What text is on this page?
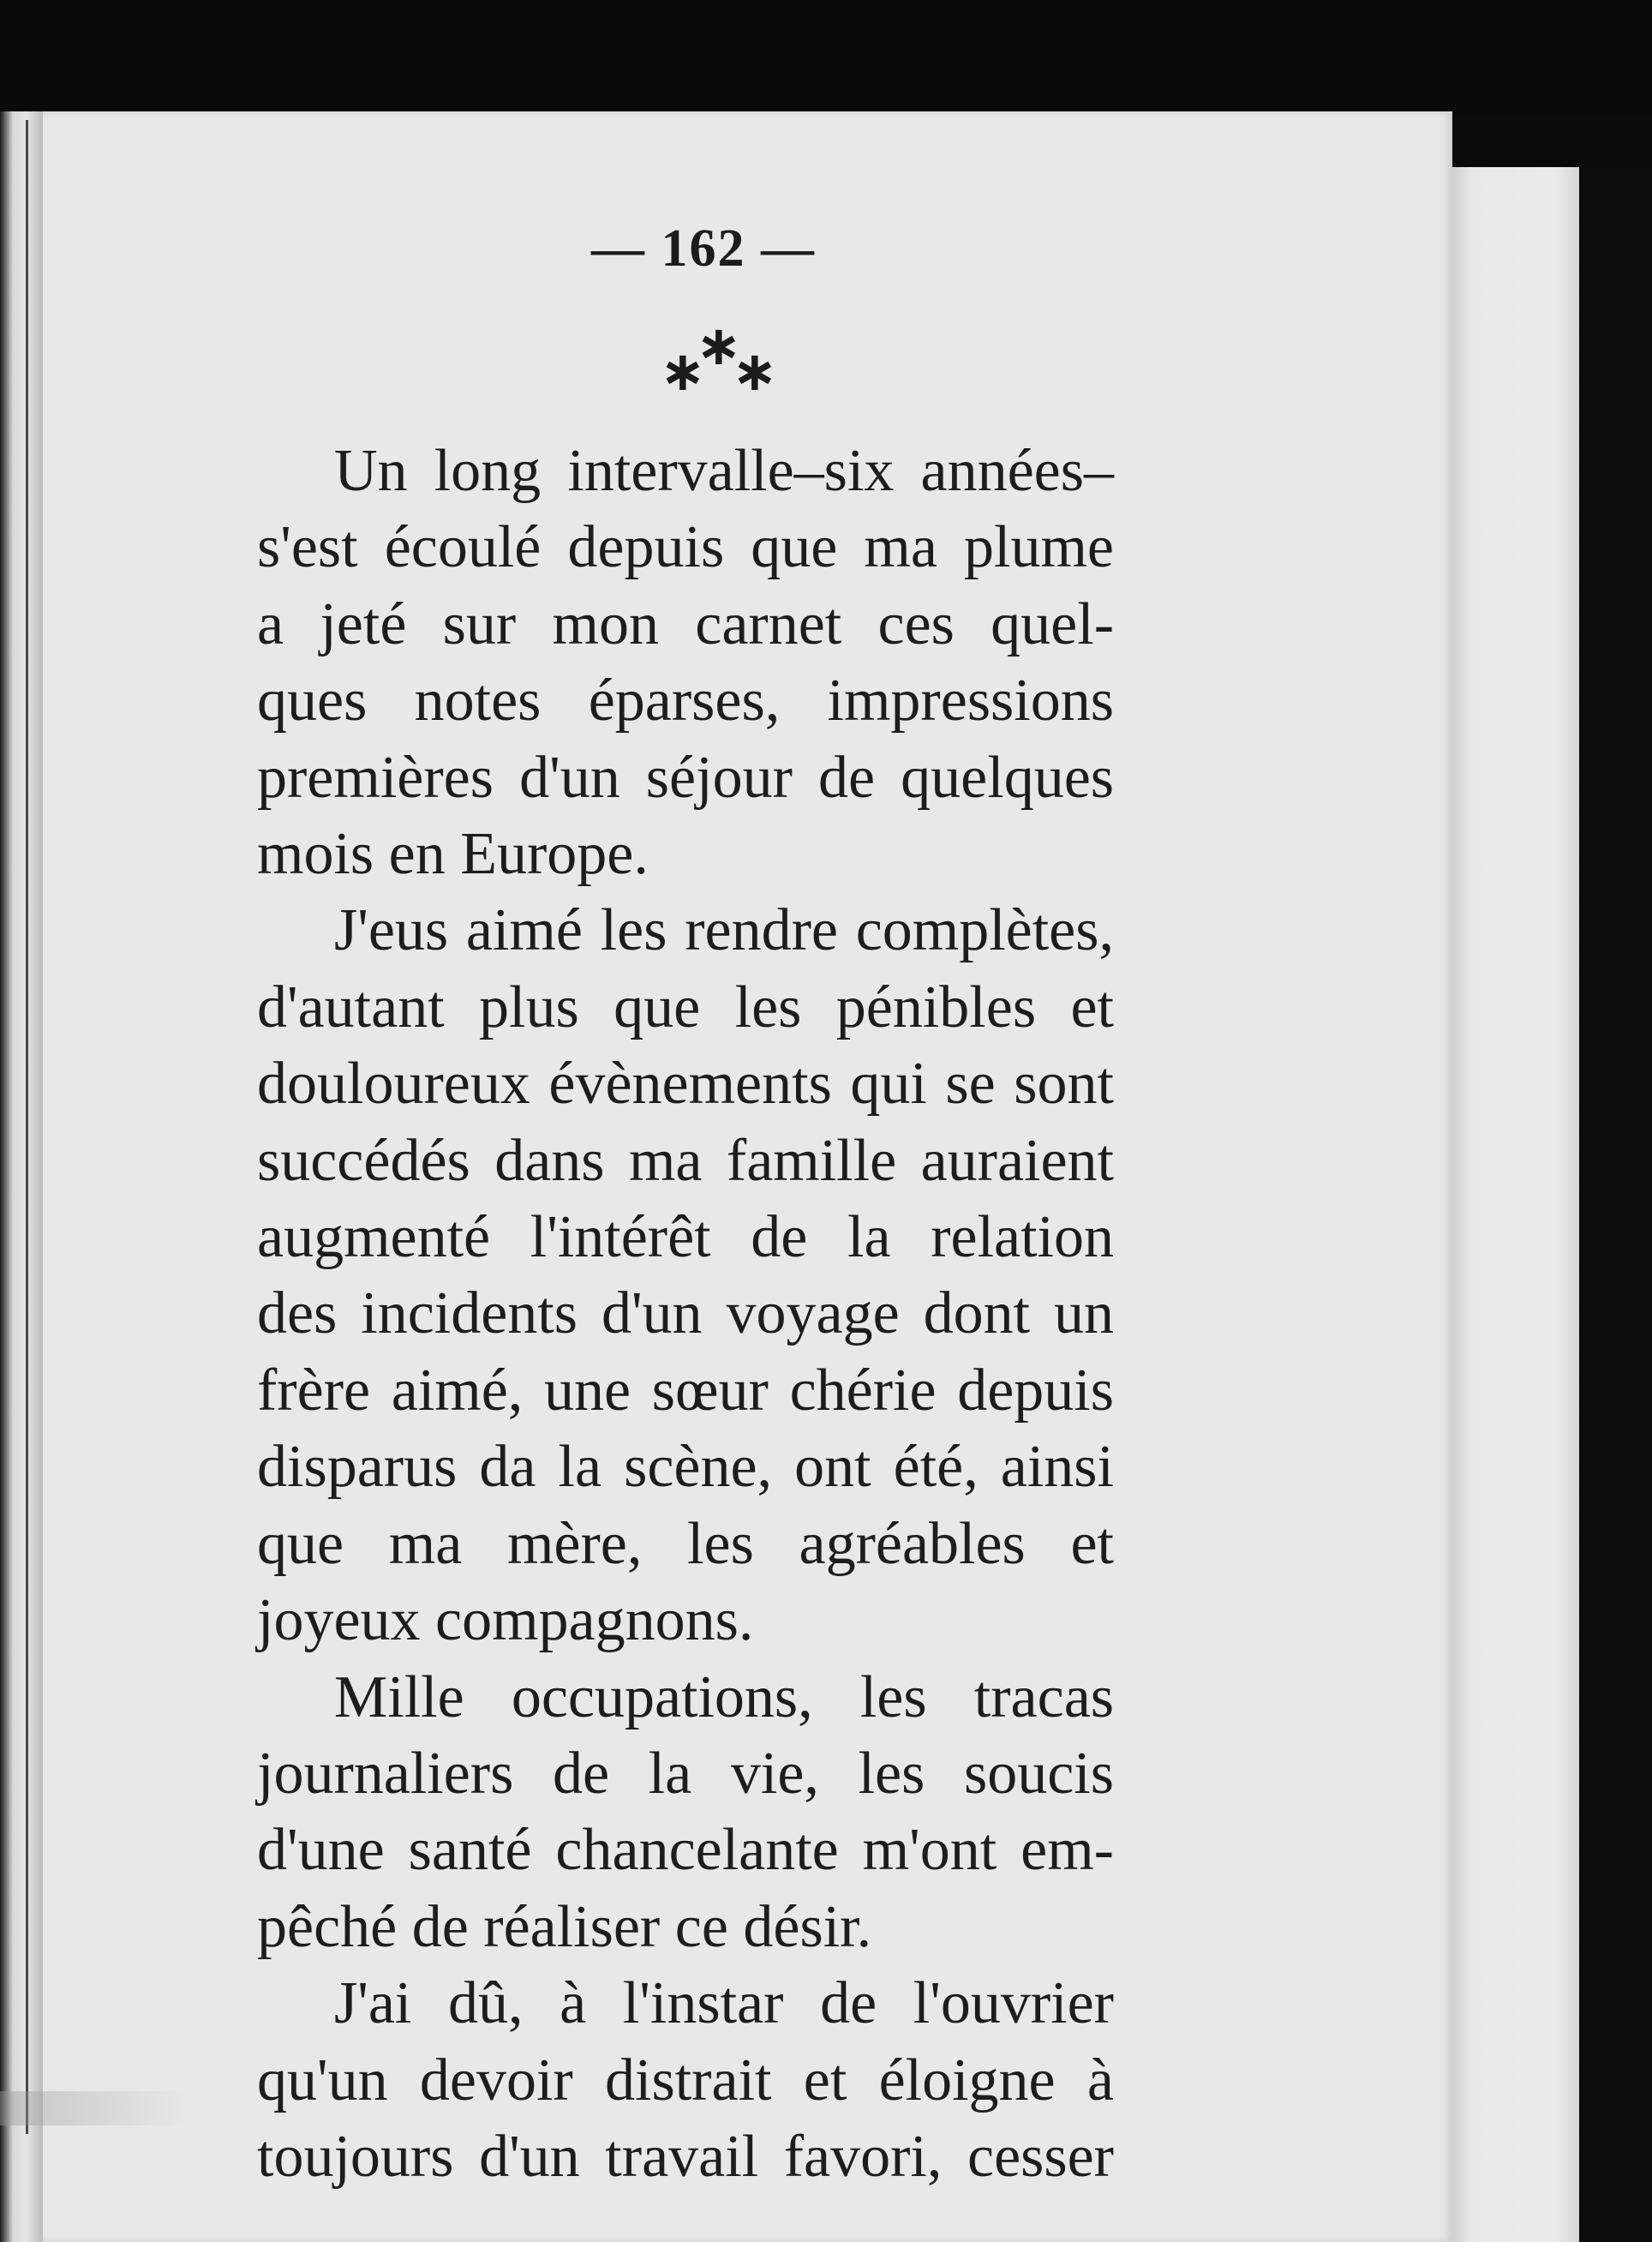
— 162 —
∗
∗
∗
Un long intervalle–six années–
s'est écoulé depuis que ma plume
a jeté sur mon carnet ces quel-
ques notes éparses, impressions
premières d'un séjour de quelques
mois en Europe.
J'eus aimé les rendre complètes,
d'autant plus que les pénibles et
douloureux évènements qui se sont
succédés dans ma famille auraient
augmenté l'intérêt de la relation
des incidents d'un voyage dont un
frère aimé, une sœur chérie depuis
disparus da la scène, ont été, ainsi
que ma mère, les agréables et
joyeux compagnons.
Mille occupations, les tracas
journaliers de la vie, les soucis
d'une santé chancelante m'ont em-
pêché de réaliser ce désir.
J'ai dû, à l'instar de l'ouvrier
qu'un devoir distrait et éloigne à
toujours d'un travail favori, cesser
